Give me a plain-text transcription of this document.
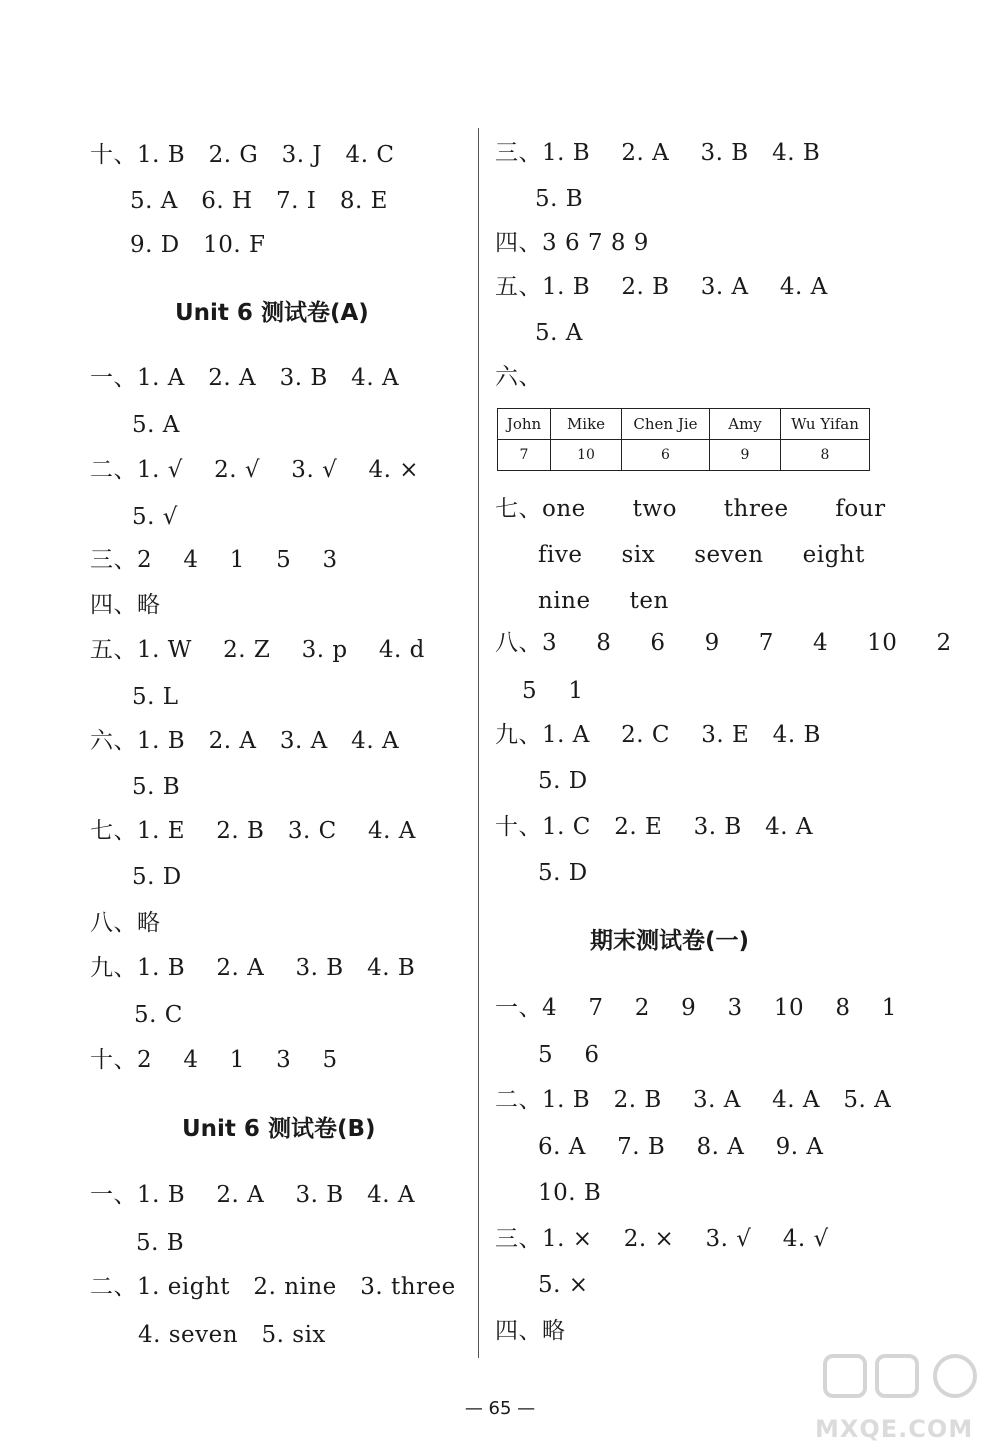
十、1. B   2. G   3. J   4. C
5. A   6. H   7. I   8. E
9. D   10. F
Unit 6 测试卷(A)
一、1. A   2. A   3. B   4. A
5. A
二、1. √    2. √    3. √    4. ×
5. √
三、2    4    1    5    3
四、略
五、1. W    2. Z    3. p    4. d
5. L
六、1. B   2. A   3. A   4. A
5. B
七、1. E    2. B   3. C    4. A
5. D
八、略
九、1. B    2. A    3. B   4. B
5. C
十、2    4    1    3    5
Unit 6 测试卷(B)
一、1. B    2. A    3. B   4. A
5. B
二、1. eight   2. nine   3. three
4. seven   5. six
三、1. B    2. A    3. B   4. B
5. B
四、3 6 7 8 9
五、1. B    2. B    3. A    4. A
5. A
六、
七、one      two      three      four
five     six     seven     eight
nine     ten
八、3     8     6     9     7     4     10     2
5    1
九、1. A    2. C    3. E   4. B
5. D
十、1. C   2. E    3. B   4. A
5. D
期末测试卷(一)
一、4    7    2    9    3    10    8    1
5    6
二、1. B   2. B    3. A    4. A   5. A
6. A    7. B    8. A    9. A
10. B
三、1. ×    2. ×    3. √    4. √
5. ×
四、略
John	Mike	Chen Jie	Amy	Wu Yifan
7	10	6	9	8
— 65 —
MXQE.COM
